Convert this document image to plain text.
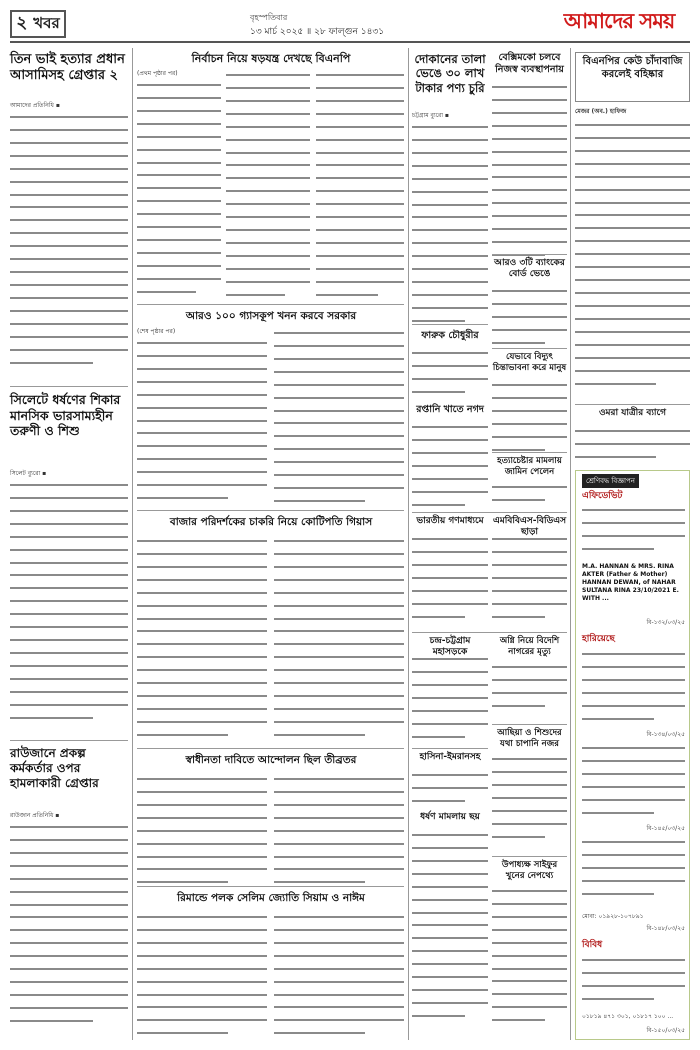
২ খবর	বৃহস্পতিবার
১৩ মার্চ ২০২৫ ॥ ২৮ ফাল্গুন ১৪৩১	আমাদের সময়
তিন ভাই হত্যার প্রধান আসামিসহ গ্রেপ্তার ২
আমাদের প্রতিনিধি ▪
সিলেটে ধর্ষণের শিকার মানসিক ভারসাম্যহীন তরুণী ও শিশু
সিলেট ব্যুরো ▪
রাউজানে প্রকল্প কর্মকর্তার ওপর হামলাকারী গ্রেপ্তার
রাউজান প্রতিনিধি ▪
নির্বাচন নিয়ে ষড়যন্ত্র দেখছে বিএনপি
(প্রথম পৃষ্ঠার পর)
আরও ১০০ গ্যাসকূপ খনন করবে সরকার
(শেষ পৃষ্ঠার পর)
বাজার পরিদর্শকের চাকরি নিয়ে কোটিপতি গিয়াস
স্বাধীনতা দাবিতে আন্দোলন ছিল তীব্রতর
রিমান্ডে পলক সেলিম জ্যোতি সিয়াম ও নাঈম
দোকানের তালা ভেঙে ৩০ লাখ টাকার পণ্য চুরি
চট্টগ্রাম ব্যুরো ▪
বেক্সিমকো চলবে নিজস্ব ব্যবস্থাপনায়
আরও ৩টি ব্যাংকের বোর্ড ভেঙে
ফারুক চৌধুরীর
রপ্তানি খাতে নগদ
যেভাবে বিদ্যুৎ চিন্তাভাবনা করে মানুষ
হত্যাচেষ্টার মামলায় জামিন পেলেন
ভারতীয় গণমাধ্যমে	এমবিবিএস-বিডিএস ছাড়া
চন্দ্র-চট্টগ্রাম মহাসড়কে
অগ্নি নিয়ে বিদেশি নাগরের মৃত্যু
আছিয়া ও শিশুদের যথা চাপানি নজর
হাসিনা-ইমরানসহ
ধর্ষণ মামলায় ছয়
উপাধ্যক্ষ সাইফুর খুনের নেপথ্যে
বিএনপির কেউ চাঁদাবাজি করলেই বহিষ্কার
মেজর (অব.) হাফিজ
ওমরা যাত্রীর ব্যাগে
শ্রেণিবদ্ধ বিজ্ঞাপন
এফিডেভিট
M.A. HANNAN & MRS. RINA AKTER (Father & Mother) HANNAN DEWAN, of NAHAR SULTANA RINA 23/10/2021 E. WITH ...
বি-১৩২/০৩/২৫
হারিয়েছে
বি-১৩৪/০৩/২৫
বি-১৪৫/০৩/২৫
মোবা: ০১৯২৮-১০৭৮৯১
বি-১৪৮/০৩/২৫
বিবিধ
০১৮১৯ ৪৭১ ৩০১, ০১৮১৭ ১০০ ...
বি-১৫০/০৩/২৫
